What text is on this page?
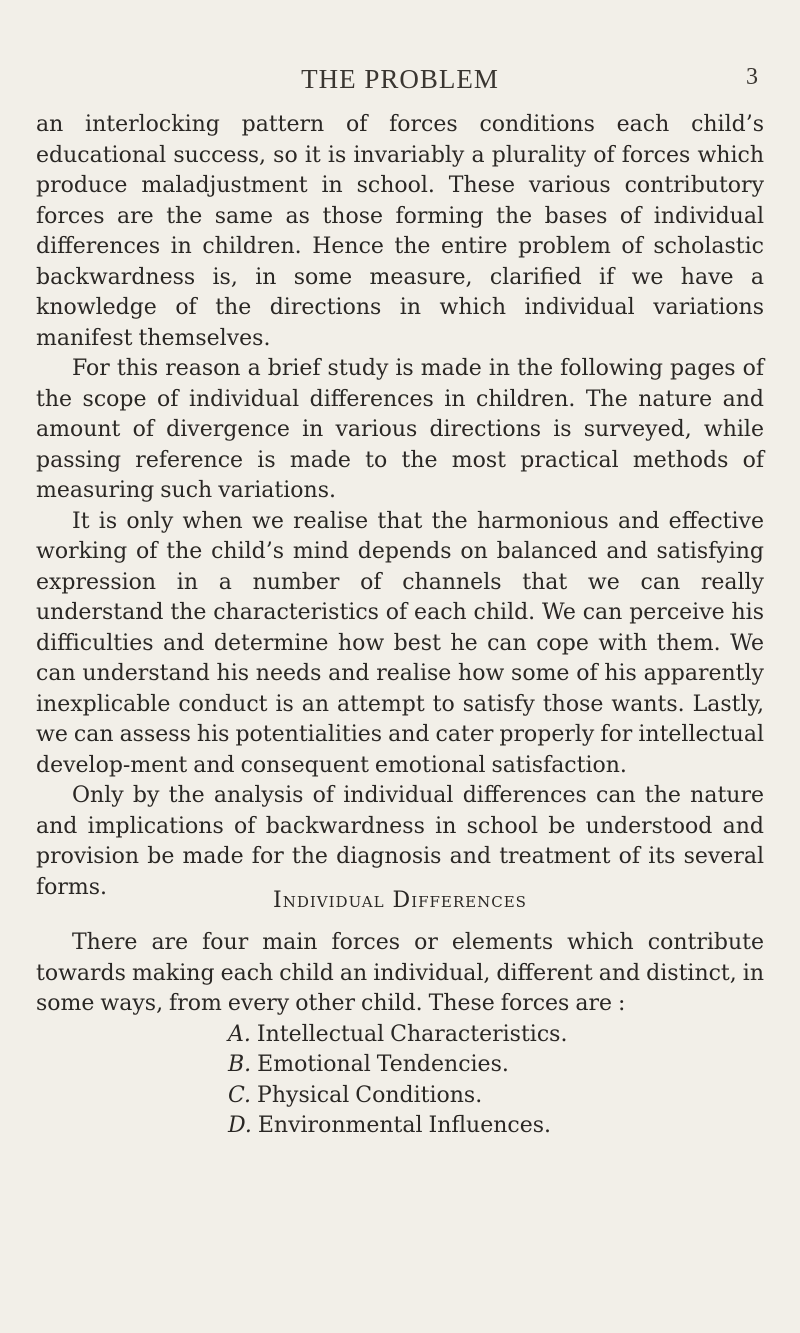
THE PROBLEM	3

an interlocking pattern of forces conditions each child’s educational success, so it is invariably a plurality of forces which produce maladjustment in school. These various contributory forces are the same as those forming the bases of individual differences in children. Hence the entire problem of scholastic backwardness is, in some measure, clarified if we have a knowledge of the directions in which individual variations manifest themselves.

For this reason a brief study is made in the following pages of the scope of individual differences in children. The nature and amount of divergence in various directions is surveyed, while passing reference is made to the most practical methods of measuring such variations.

It is only when we realise that the harmonious and effective working of the child’s mind depends on balanced and satisfying expression in a number of channels that we can really understand the characteristics of each child. We can perceive his difficulties and determine how best he can cope with them. We can understand his needs and realise how some of his apparently inexplicable conduct is an attempt to satisfy those wants. Lastly, we can assess his potentialities and cater properly for intellectual develop-ment and consequent emotional satisfaction.

Only by the analysis of individual differences can the nature and implications of backwardness in school be understood and provision be made for the diagnosis and treatment of its several forms.

Individual Differences

There are four main forces or elements which contribute towards making each child an individual, different and distinct, in some ways, from every other child. These forces are :

A. Intellectual Characteristics.
B. Emotional Tendencies.
C. Physical Conditions.
D. Environmental Influences.
